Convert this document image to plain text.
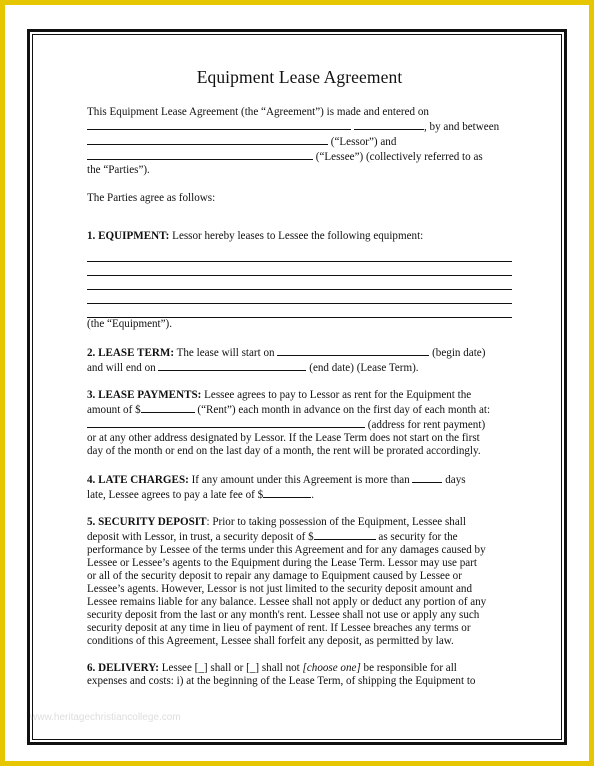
Equipment Lease Agreement

This Equipment Lease Agreement (the “Agreement”) is made and entered on

, by and between

(“Lessor”) and

(“Lessee”) (collectively referred to as

the “Parties”).

The Parties agree as follows:

1. EQUIPMENT: Lessor hereby leases to Lessee the following equipment:

(the “Equipment”).

2. LEASE TERM: The lease will start on	(begin date)

and will end on	(end date) (Lease Term).

3. LEASE PAYMENTS: Lessee agrees to pay to Lessor as rent for the Equipment the

amount of $	(“Rent”) each month in advance on the first day of each month at:

(address for rent payment)

or at any other address designated by Lessor. If the Lease Term does not start on the first

day of the month or end on the last day of a month, the rent will be prorated accordingly.

4. LATE CHARGES: If any amount under this Agreement is more than	days

late, Lessee agrees to pay a late fee of $	.

5. SECURITY DEPOSIT: Prior to taking possession of the Equipment, Lessee shall

deposit with Lessor, in trust, a security deposit of $	as security for the

performance by Lessee of the terms under this Agreement and for any damages caused by

Lessee or Lessee’s agents to the Equipment during the Lease Term. Lessor may use part

or all of the security deposit to repair any damage to Equipment caused by Lessee or

Lessee’s agents. However, Lessor is not just limited to the security deposit amount and

Lessee remains liable for any balance. Lessee shall not apply or deduct any portion of any

security deposit from the last or any month's rent. Lessee shall not use or apply any such

security deposit at any time in lieu of payment of rent. If Lessee breaches any terms or

conditions of this Agreement, Lessee shall forfeit any deposit, as permitted by law.

6. DELIVERY: Lessee [_] shall or [_] shall not [choose one] be responsible for all

expenses and costs: i) at the beginning of the Lease Term, of shipping the Equipment to

www.heritagechristiancollege.com
